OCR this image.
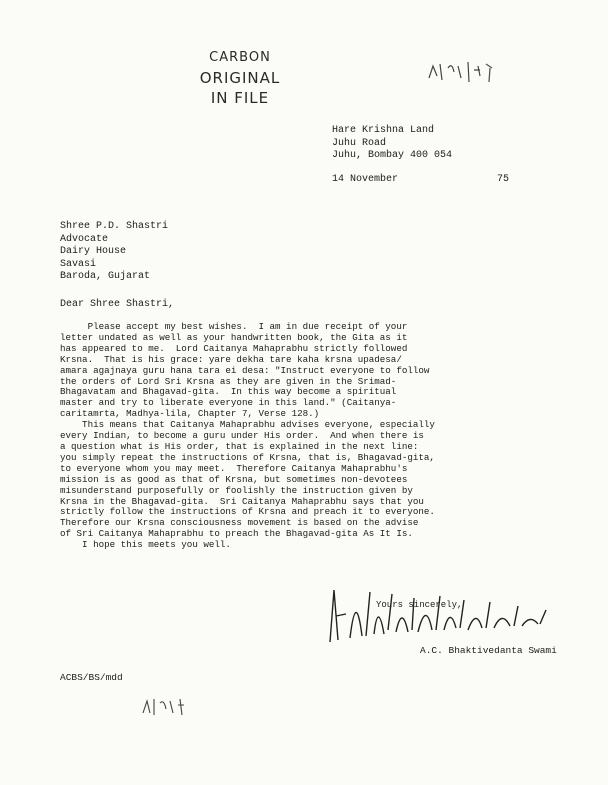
CARBON
ORIGINAL
IN FILE
Hare Krishna Land
Juhu Road
Juhu, Bombay 400 054
14 November	75
Shree P.D. Shastri
Advocate
Dairy House
Savasi
Baroda, Gujarat
Dear Shree Shastri,
Please accept my best wishes.  I am in due receipt of your
letter undated as well as your handwritten book, the Gita as it
has appeared to me.  Lord Caitanya Mahaprabhu strictly followed
Krsna.  That is his grace: yare dekha tare kaha krsna upadesa/
amara agajnaya guru hana tara ei desa: "Instruct everyone to follow
the orders of Lord Sri Krsna as they are given in the Srimad-
Bhagavatam and Bhagavad-gita.  In this way become a spiritual
master and try to liberate everyone in this land." (Caitanya-
caritamrta, Madhya-lila, Chapter 7, Verse 128.)
This means that Caitanya Mahaprabhu advises everyone, especially
every Indian, to become a guru under His order.  And when there is
a question what is His order, that is explained in the next line:
you simply repeat the instructions of Krsna, that is, Bhagavad-gita,
to everyone whom you may meet.  Therefore Caitanya Mahaprabhu's
mission is as good as that of Krsna, but sometimes non-devotees
misunderstand purposefully or foolishly the instruction given by
Krsna in the Bhagavad-gita.  Sri Caitanya Mahaprabhu says that you
strictly follow the instructions of Krsna and preach it to everyone.
Therefore our Krsna consciousness movement is based on the advise
of Sri Caitanya Mahaprabhu to preach the Bhagavad-gita As It Is.
I hope this meets you well.
A.C. Bhaktivedanta Swami
Yours sincerely,
A.C. Bhaktivedanta Swami
ACBS/BS/mdd
